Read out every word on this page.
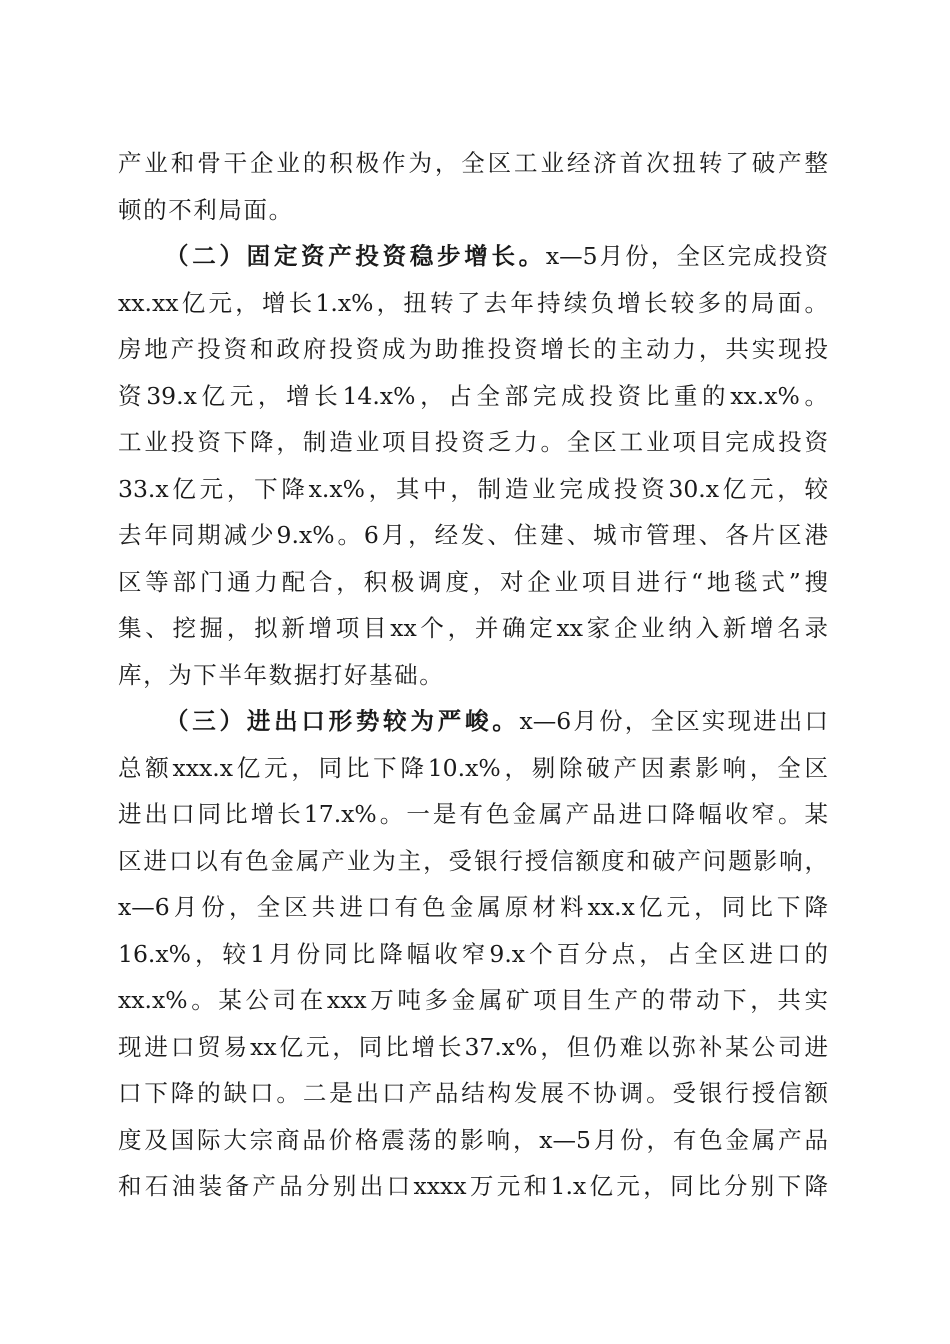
产业和骨干企业的积极作为，全区工业经济首次扭转了破产整
顿的不利局面。
（二）固定资产投资稳步增长。x—5月份，全区完成投资
xx.xx亿元，增长1.x%，扭转了去年持续负增长较多的局面。
房地产投资和政府投资成为助推投资增长的主动力，共实现投
资39.x亿元，增长14.x%，占全部完成投资比重的xx.x%。
工业投资下降，制造业项目投资乏力。全区工业项目完成投资
33.x亿元，下降x.x%，其中，制造业完成投资30.x亿元，较
去年同期减少9.x%。6月，经发、住建、城市管理、各片区港
区等部门通力配合，积极调度，对企业项目进行“地毯式”搜
集、挖掘，拟新增项目xx个，并确定xx家企业纳入新增名录
库，为下半年数据打好基础。
（三）进出口形势较为严峻。x—6月份，全区实现进出口
总额xxx.x亿元，同比下降10.x%，剔除破产因素影响，全区
进出口同比增长17.x%。一是有色金属产品进口降幅收窄。某
区进口以有色金属产业为主，受银行授信额度和破产问题影响，
x—6月份，全区共进口有色金属原材料xx.x亿元，同比下降
16.x%，较1月份同比降幅收窄9.x个百分点，占全区进口的
xx.x%。某公司在xxx万吨多金属矿项目生产的带动下，共实
现进口贸易xx亿元，同比增长37.x%，但仍难以弥补某公司进
口下降的缺口。二是出口产品结构发展不协调。受银行授信额
度及国际大宗商品价格震荡的影响，x—5月份，有色金属产品
和石油装备产品分别出口xxxx万元和1.x亿元，同比分别下降
